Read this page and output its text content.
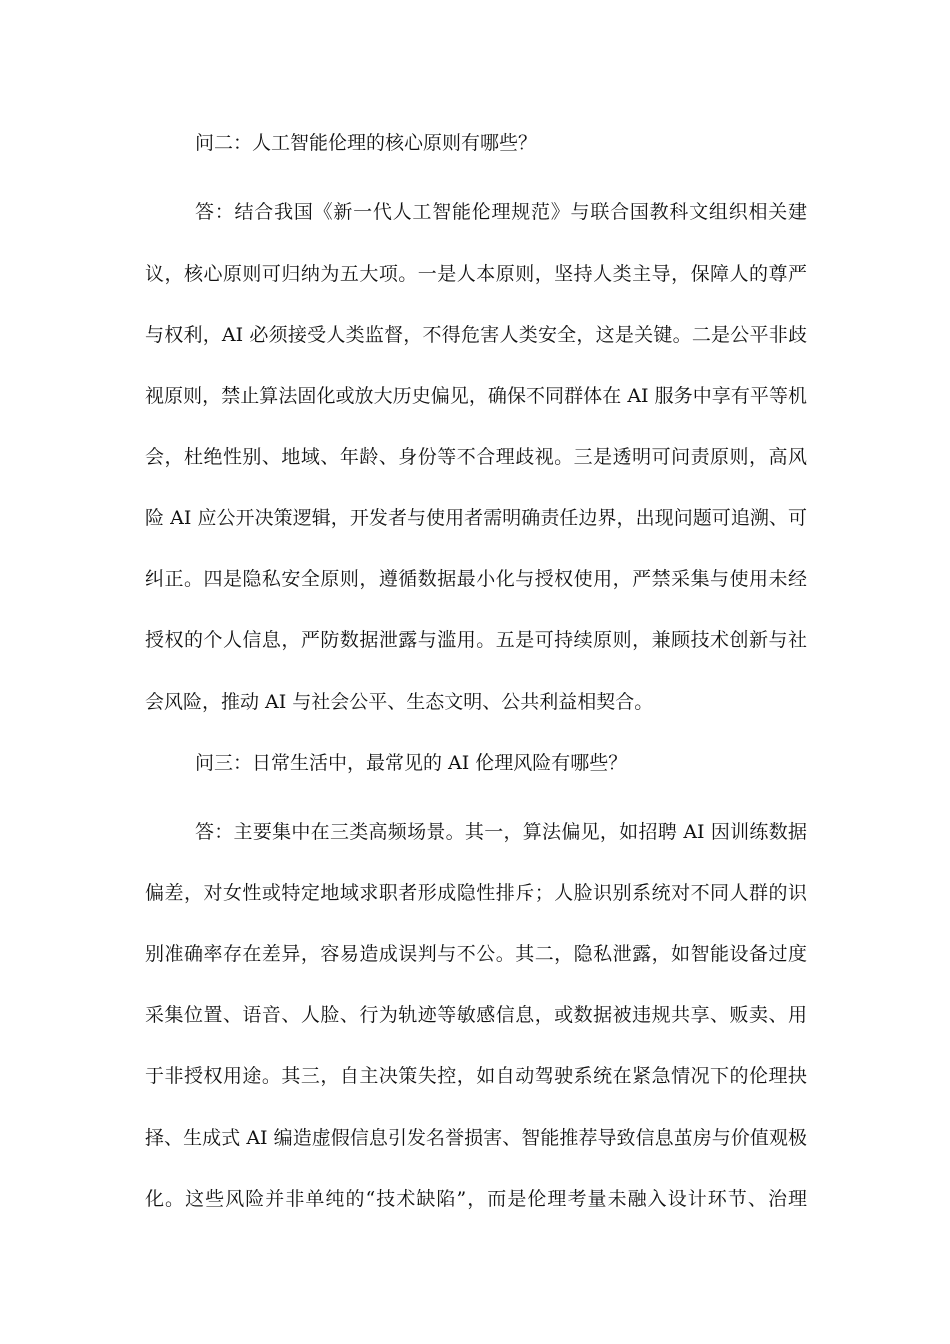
问二：人工智能伦理的核心原则有哪些？
答：结合我国《新一代人工智能伦理规范》与联合国教科文组织相关建
议，核心原则可归纳为五大项。一是人本原则，坚持人类主导，保障人的尊严
与权利，AI 必须接受人类监督，不得危害人类安全，这是关键。二是公平非歧
视原则，禁止算法固化或放大历史偏见，确保不同群体在 AI 服务中享有平等机
会，杜绝性别、地域、年龄、身份等不合理歧视。三是透明可问责原则，高风
险 AI 应公开决策逻辑，开发者与使用者需明确责任边界，出现问题可追溯、可
纠正。四是隐私安全原则，遵循数据最小化与授权使用，严禁采集与使用未经
授权的个人信息，严防数据泄露与滥用。五是可持续原则，兼顾技术创新与社
会风险，推动 AI 与社会公平、生态文明、公共利益相契合。
问三：日常生活中，最常见的 AI 伦理风险有哪些？
答：主要集中在三类高频场景。其一，算法偏见，如招聘 AI 因训练数据
偏差，对女性或特定地域求职者形成隐性排斥；人脸识别系统对不同人群的识
别准确率存在差异，容易造成误判与不公。其二，隐私泄露，如智能设备过度
采集位置、语音、人脸、行为轨迹等敏感信息，或数据被违规共享、贩卖、用
于非授权用途。其三，自主决策失控，如自动驾驶系统在紧急情况下的伦理抉
择、生成式 AI 编造虚假信息引发名誉损害、智能推荐导致信息茧房与价值观极
化。这些风险并非单纯的“技术缺陷”，而是伦理考量未融入设计环节、治理
